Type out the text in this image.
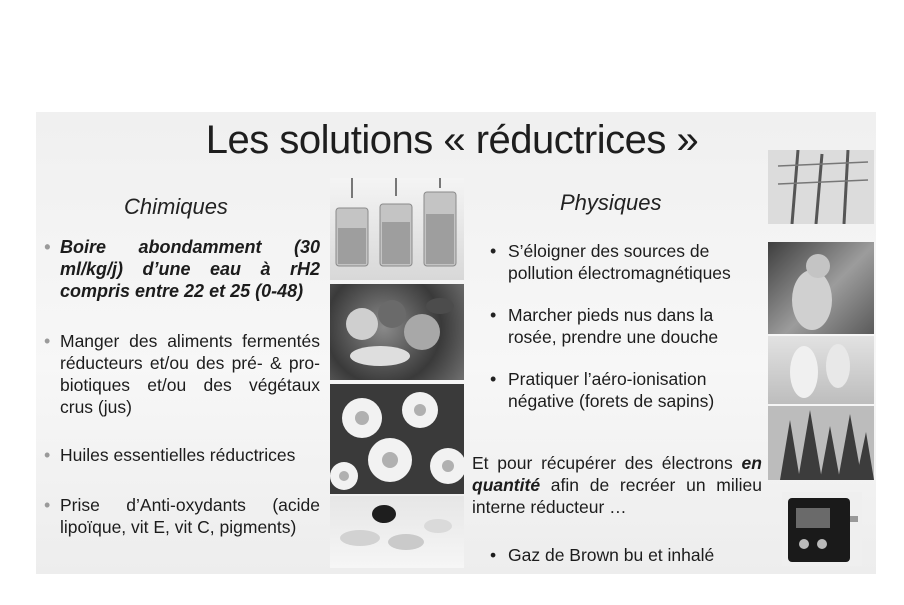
Les solutions « réductrices »
Chimiques	Physiques
• Boire abondamment (30 ml/kg/j) d’une eau à rH2 compris entre 22 et 25 (0-48)
• Manger des aliments fermentés réducteurs et/ou des pré- & pro-biotiques et/ou des végétaux crus (jus)
• Huiles essentielles réductrices
• Prise d’Anti-oxydants (acide lipoïque, vit E, vit C, pigments)
• S’éloigner des sources de pollution électromagnétiques
• Marcher pieds nus dans la rosée, prendre une douche
• Pratiquer l’aéro-ionisation négative (forets de sapins)
Et pour récupérer des électrons en quantité afin de recréer un milieu interne réducteur …
• Gaz de Brown bu et inhalé
